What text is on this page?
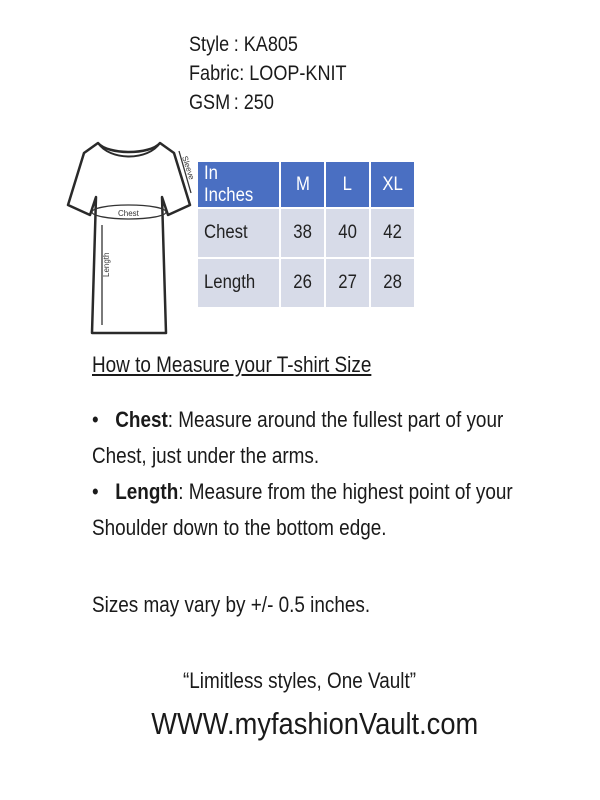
Style : KA805
Fabric: LOOP-KNIT
GSM : 250
Chest
Length
Sleeve In Inches	M	L	XL
Chest	38	40	42
Length	26	27	28
How to Measure your T-shirt Size
• Chest: Measure around the fullest part of your
Chest, just under the arms.
• Length: Measure from the highest point of your
Shoulder down to the bottom edge.
Sizes may vary by +/- 0.5 inches.
“Limitless styles, One Vault”
WWW.myfashionVault.com
